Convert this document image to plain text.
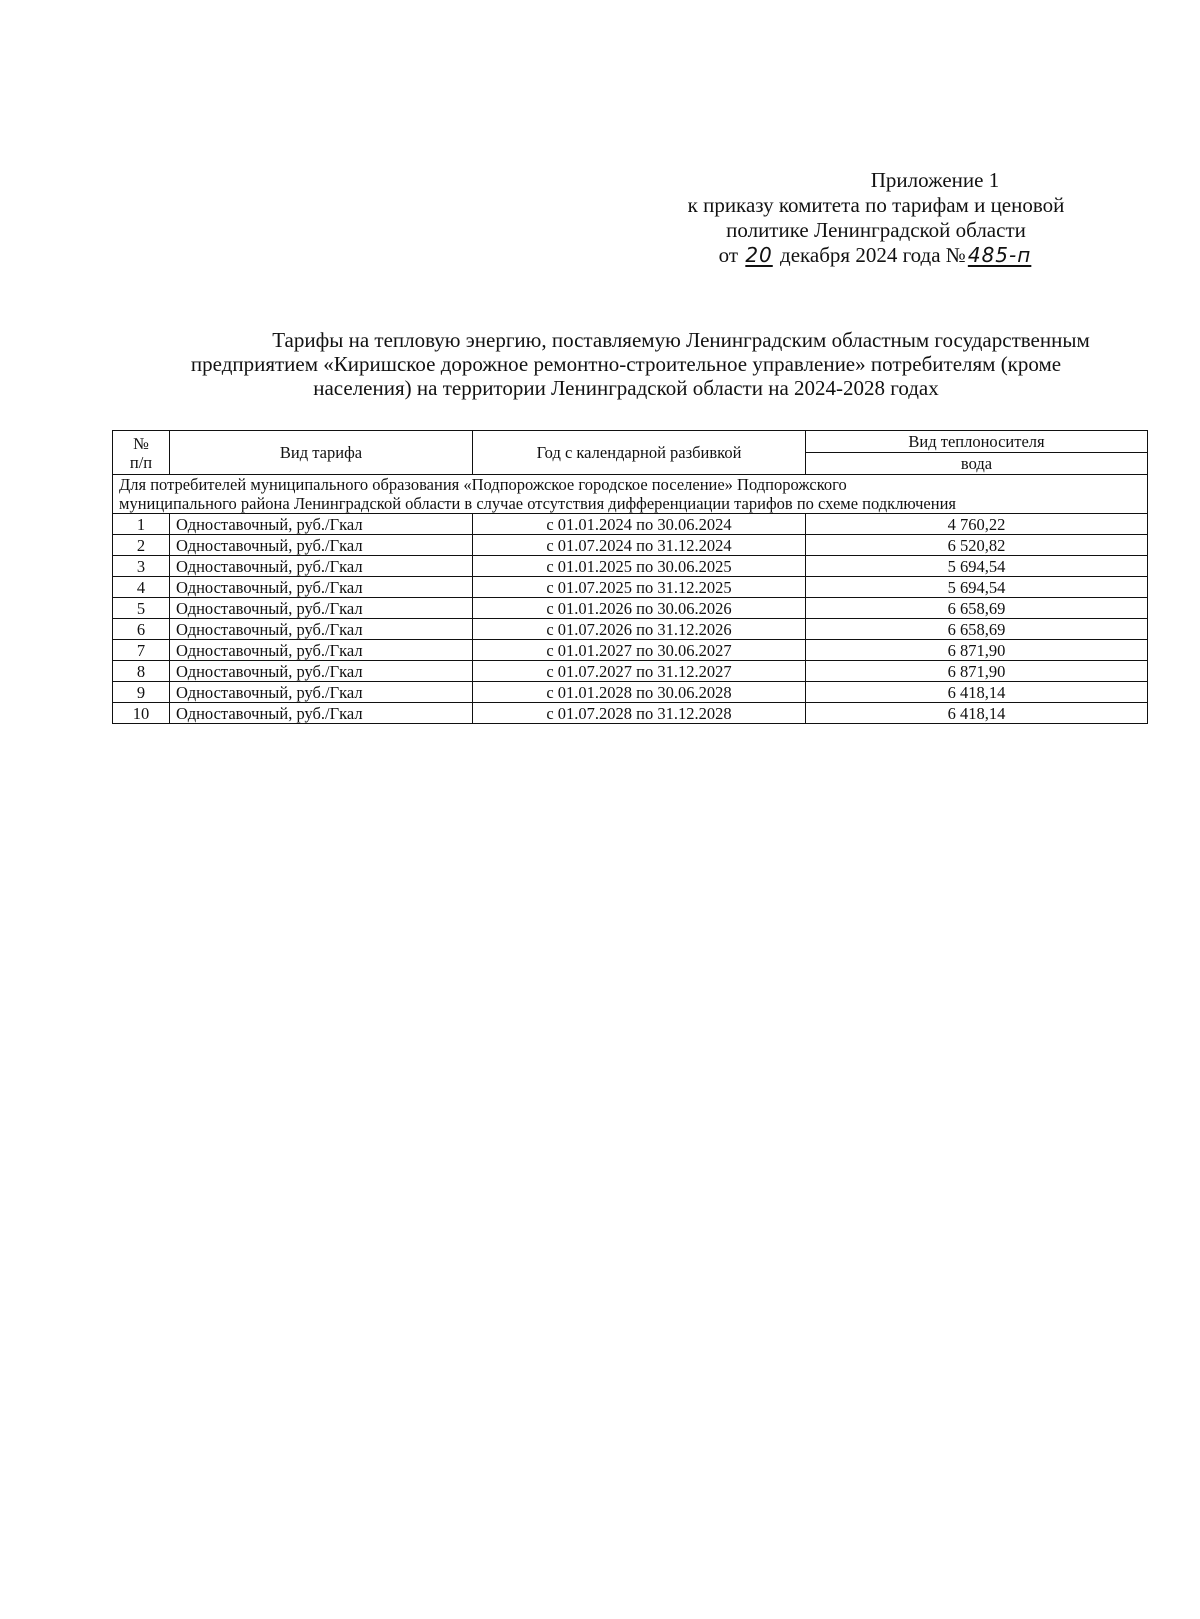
Приложение 1
к приказу комитета по тарифам и ценовой
политике Ленинградской области
от 20 декабря 2024 года № 485-п
Тарифы на тепловую энергию, поставляемую Ленинградским областным государственным
предприятием «Киришское дорожное ремонтно-строительное управление» потребителям (кроме
населения) на территории Ленинградской области на 2024-2028 годах
№
п/п	Вид тарифа	Год с календарной разбивкой	Вид теплоносителя
			вода

Для потребителей муниципального образования «Подпорожское городское поселение» Подпорожского
муниципального района Ленинградской области в случае отсутствия дифференциации тарифов по схеме подключения			

1	Одноставочный, руб./Гкал	с 01.01.2024 по 30.06.2024	4 760,22
2	Одноставочный, руб./Гкал	с 01.07.2024 по 31.12.2024	6 520,82
3	Одноставочный, руб./Гкал	с 01.01.2025 по 30.06.2025	5 694,54
4	Одноставочный, руб./Гкал	с 01.07.2025 по 31.12.2025	5 694,54
5	Одноставочный, руб./Гкал	с 01.01.2026 по 30.06.2026	6 658,69
6	Одноставочный, руб./Гкал	с 01.07.2026 по 31.12.2026	6 658,69
7	Одноставочный, руб./Гкал	с 01.01.2027 по 30.06.2027	6 871,90
8	Одноставочный, руб./Гкал	с 01.07.2027 по 31.12.2027	6 871,90
9	Одноставочный, руб./Гкал	с 01.01.2028 по 30.06.2028	6 418,14
10	Одноставочный, руб./Гкал	с 01.07.2028 по 31.12.2028	6 418,14
